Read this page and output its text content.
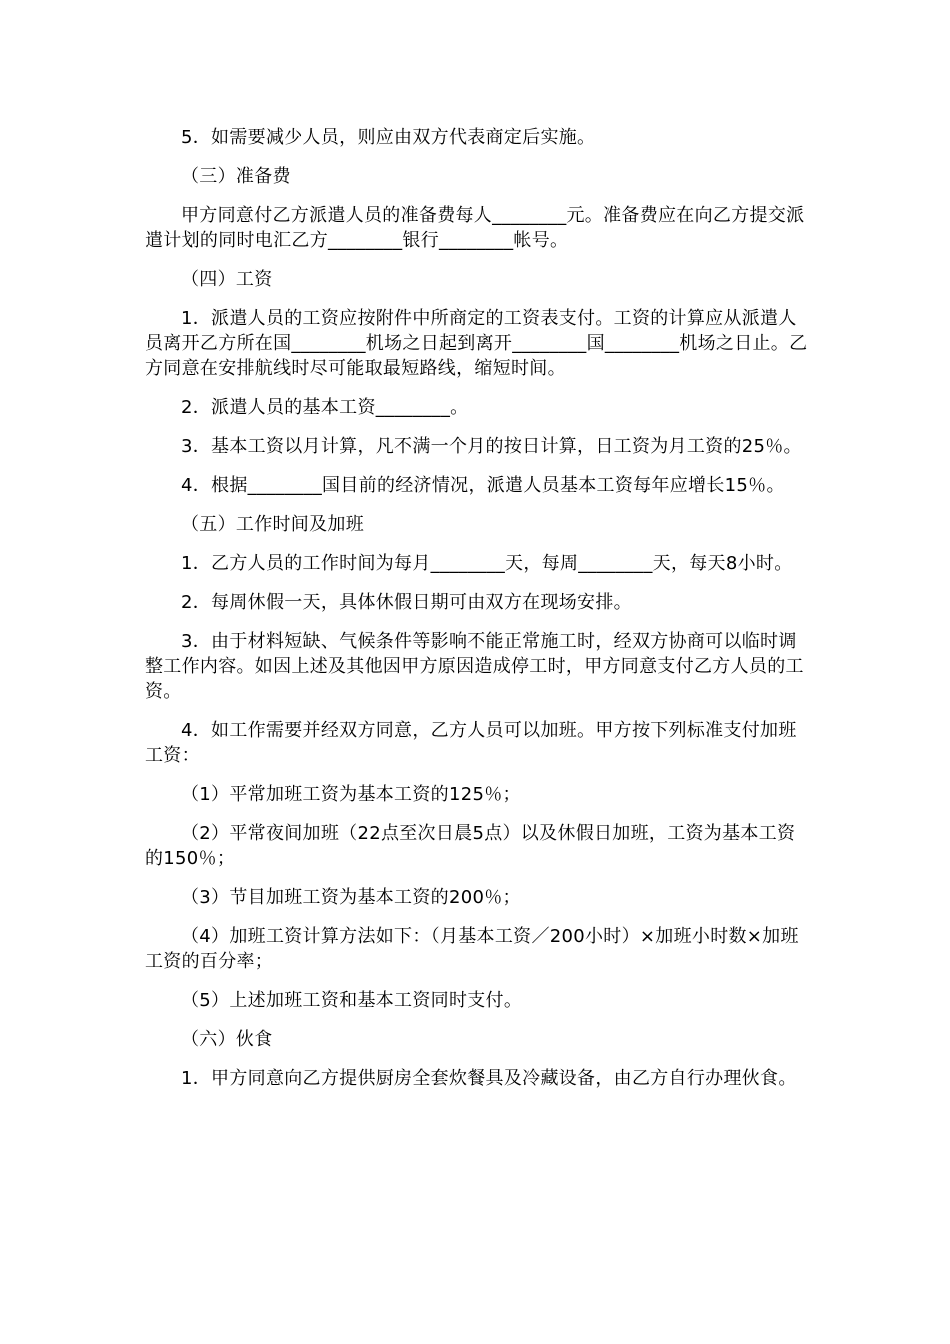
5．如需要减少人员，则应由双方代表商定后实施。

（三）准备费

甲方同意付乙方派遣人员的准备费每人________元。准备费应在向乙方提交派遣计划的同时电汇乙方________银行________帐号。

（四）工资

1．派遣人员的工资应按附件中所商定的工资表支付。工资的计算应从派遣人员离开乙方所在国________机场之日起到离开________国________机场之日止。乙方同意在安排航线时尽可能取最短路线，缩短时间。

2．派遣人员的基本工资________。

3．基本工资以月计算，凡不满一个月的按日计算，日工资为月工资的25％。

4．根据________国目前的经济情况，派遣人员基本工资每年应增长15％。

（五）工作时间及加班

1．乙方人员的工作时间为每月________天，每周________天，每天8小时。

2．每周休假一天，具体休假日期可由双方在现场安排。

3．由于材料短缺、气候条件等影响不能正常施工时，经双方协商可以临时调整工作内容。如因上述及其他因甲方原因造成停工时，甲方同意支付乙方人员的工资。

4．如工作需要并经双方同意，乙方人员可以加班。甲方按下列标准支付加班工资：

（1）平常加班工资为基本工资的125％；

（2）平常夜间加班（22点至次日晨5点）以及休假日加班，工资为基本工资的150％；

（3）节目加班工资为基本工资的200％；

（4）加班工资计算方法如下：（月基本工资／200小时）×加班小时数×加班工资的百分率；

（5）上述加班工资和基本工资同时支付。

（六）伙食

1．甲方同意向乙方提供厨房全套炊餐具及冷藏设备，由乙方自行办理伙食。
